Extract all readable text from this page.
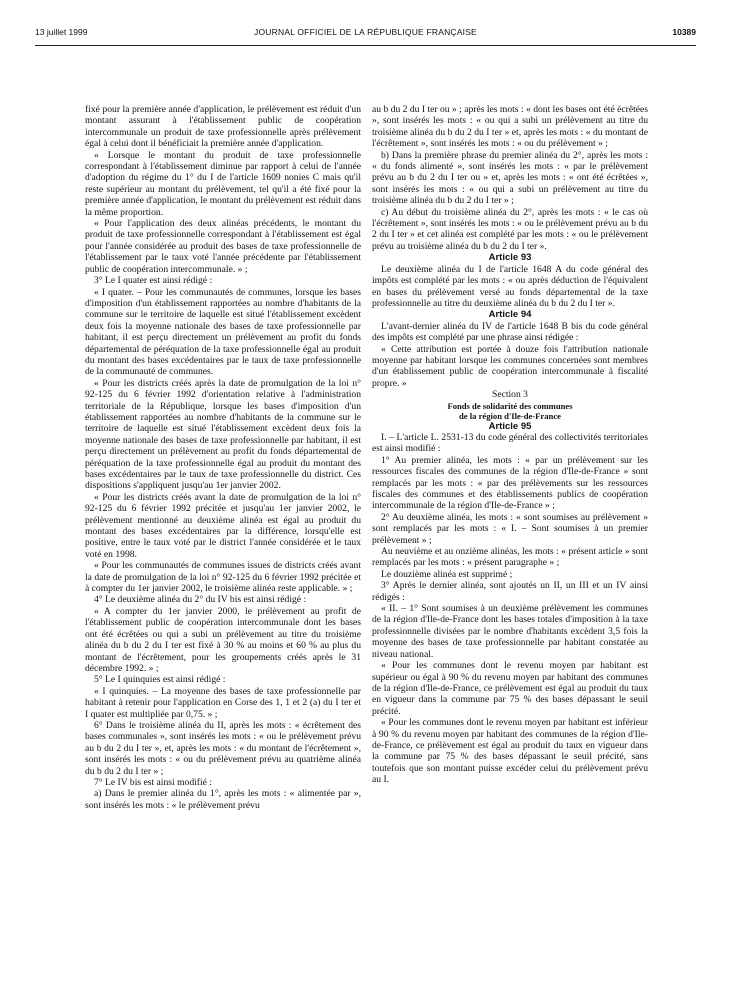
13 juillet 1999	JOURNAL OFFICIEL DE LA RÉPUBLIQUE FRANÇAISE	10389

fixé pour la première année d'application, le prélèvement est réduit d'un montant assurant à l'établissement public de coopération intercommunale un produit de taxe professionnelle après prélèvement égal à celui dont il bénéficiait la première année d'application.

« Lorsque le montant du produit de taxe professionnelle correspondant à l'établissement diminue par rapport à celui de l'année d'adoption du régime du 1° du I de l'article 1609 nonies C mais qu'il reste supérieur au montant du prélèvement, tel qu'il a été fixé pour la première année d'application, le montant du prélèvement est réduit dans la même proportion.

« Pour l'application des deux alinéas précédents, le montant du produit de taxe professionnelle correspondant à l'établissement est égal pour l'année considérée au produit des bases de taxe professionnelle de l'établissement par le taux voté l'année précédente par l'établissement public de coopération intercommunale. » ;

3° Le I quater est ainsi rédigé :

« I quater. – Pour les communautés de communes, lorsque les bases d'imposition d'un établissement rapportées au nombre d'habitants de la commune sur le territoire de laquelle est situé l'établissement excèdent deux fois la moyenne nationale des bases de taxe professionnelle par habitant, il est perçu directement un prélèvement au profit du fonds départemental de péréquation de la taxe professionnelle égal au produit du montant des bases excédentaires par le taux de taxe professionnelle de la communauté de communes.

« Pour les districts créés après la date de promulgation de la loi n° 92-125 du 6 février 1992 d'orientation relative à l'administration territoriale de la République, lorsque les bases d'imposition d'un établissement rapportées au nombre d'habitants de la commune sur le territoire de laquelle est situé l'établissement excèdent deux fois la moyenne nationale des bases de taxe professionnelle par habitant, il est perçu directement un prélèvement au profit du fonds départemental de péréquation de la taxe professionnelle égal au produit du montant des bases excédentaires par le taux de taxe professionnelle du district. Ces dispositions s'appliquent jusqu'au 1er janvier 2002.

« Pour les districts créés avant la date de promulgation de la loi n° 92-125 du 6 février 1992 précitée et jusqu'au 1er janvier 2002, le prélèvement mentionné au deuxième alinéa est égal au produit du montant des bases excédentaires par la différence, lorsqu'elle est positive, entre le taux voté par le district l'année considérée et le taux voté en 1998.

« Pour les communautés de communes issues de districts créés avant la date de promulgation de la loi n° 92-125 du 6 février 1992 précitée et à compter du 1er janvier 2002, le troisième alinéa reste applicable. » ;

4° Le deuxième alinéa du 2° du IV bis est ainsi rédigé :

« A compter du 1er janvier 2000, le prélèvement au profit de l'établissement public de coopération intercommunale dont les bases ont été écrêtées ou qui a subi un prélèvement au titre du troisième alinéa du b du 2 du I ter est fixé à 30 % au moins et 60 % au plus du montant de l'écrêtement, pour les groupements créés après le 31 décembre 1992. » ;

5° Le I quinquies est ainsi rédigé :

« I quinquies. – La moyenne des bases de taxe professionnelle par habitant à retenir pour l'application en Corse des 1, 1 et 2 (a) du I ter et I quater est multipliée par 0,75. » ;

6° Dans le troisième alinéa du II, après les mots : « écrêtement des bases communales », sont insérés les mots : « ou le prélèvement prévu au b du 2 du I ter », et, après les mots : « du montant de l'écrêtement », sont insérés les mots : « ou du prélèvement prévu au quatrième alinéa du b du 2 du I ter » ;

7° Le IV bis est ainsi modifié :

a) Dans le premier alinéa du 1°, après les mots : « alimentée par », sont insérés les mots : « le prélèvement prévu

au b du 2 du I ter ou » ; après les mots : « dont les bases ont été écrêtées », sont insérés les mots : « ou qui a subi un prélèvement au titre du troisième alinéa du b du 2 du I ter » et, après les mots : « du montant de l'écrêtement », sont insérés les mots : « ou du prélèvement » ;

b) Dans la première phrase du premier alinéa du 2°, après les mots : « du fonds alimenté », sont insérés les mots : « par le prélèvement prévu au b du 2 du I ter ou » et, après les mots : « ont été écrêtées », sont insérés les mots : « ou qui a subi un prélèvement au titre du troisième alinéa du b du 2 du I ter » ;

c) Au début du troisième alinéa du 2°, après les mots : « le cas où l'écrêtement », sont insérés les mots : « ou le prélèvement prévu au b du 2 du I ter » et cet alinéa est complété par les mots : « ou le prélèvement prévu au troisième alinéa du b du 2 du I ter ».

Article 93

Le deuxième alinéa du I de l'article 1648 A du code général des impôts est complété par les mots : « ou après déduction de l'équivalent en bases du prélèvement versé au fonds départemental de la taxe professionnelle au titre du deuxième alinéa du b du 2 du I ter ».

Article 94

L'avant-dernier alinéa du IV de l'article 1648 B bis du code général des impôts est complété par une phrase ainsi rédigée :

« Cette attribution est portée à douze fois l'attribution nationale moyenne par habitant lorsque les communes concernées sont membres d'un établissement public de coopération intercommunale à fiscalité propre. »

Section 3

Fonds de solidarité des communes

de la région d'Ile-de-France

Article 95

I. – L'article L. 2531-13 du code général des collectivités territoriales est ainsi modifié :

1° Au premier alinéa, les mots : « par un prélèvement sur les ressources fiscales des communes de la région d'Ile-de-France » sont remplacés par les mots : « par des prélèvements sur les ressources fiscales des communes et des établissements publics de coopération intercommunale de la région d'Ile-de-France » ;

2° Au deuxième alinéa, les mots : « sont soumises au prélèvement » sont remplacés par les mots : « I. – Sont soumises à un premier prélèvement » ;

Au neuvième et au onzième alinéas, les mots : « présent article » sont remplacés par les mots : « présent paragraphe » ;

Le douzième alinéa est supprimé ;

3° Après le dernier alinéa, sont ajoutés un II, un III et un IV ainsi rédigés :

« II. – 1° Sont soumises à un deuxième prélèvement les communes de la région d'Ile-de-France dont les bases totales d'imposition à la taxe professionnelle divisées par le nombre d'habitants excèdent 3,5 fois la moyenne des bases de taxe professionnelle par habitant constatée au niveau national.

« Pour les communes dont le revenu moyen par habitant est supérieur ou égal à 90 % du revenu moyen par habitant des communes de la région d'Ile-de-France, ce prélèvement est égal au produit du taux en vigueur dans la commune par 75 % des bases dépassant le seuil précité.

« Pour les communes dont le revenu moyen par habitant est inférieur à 90 % du revenu moyen par habitant des communes de la région d'Ile-de-France, ce prélèvement est égal au produit du taux en vigueur dans la commune par 75 % des bases dépassant le seuil précité, sans toutefois que son montant puisse excéder celui du prélèvement prévu au I.
